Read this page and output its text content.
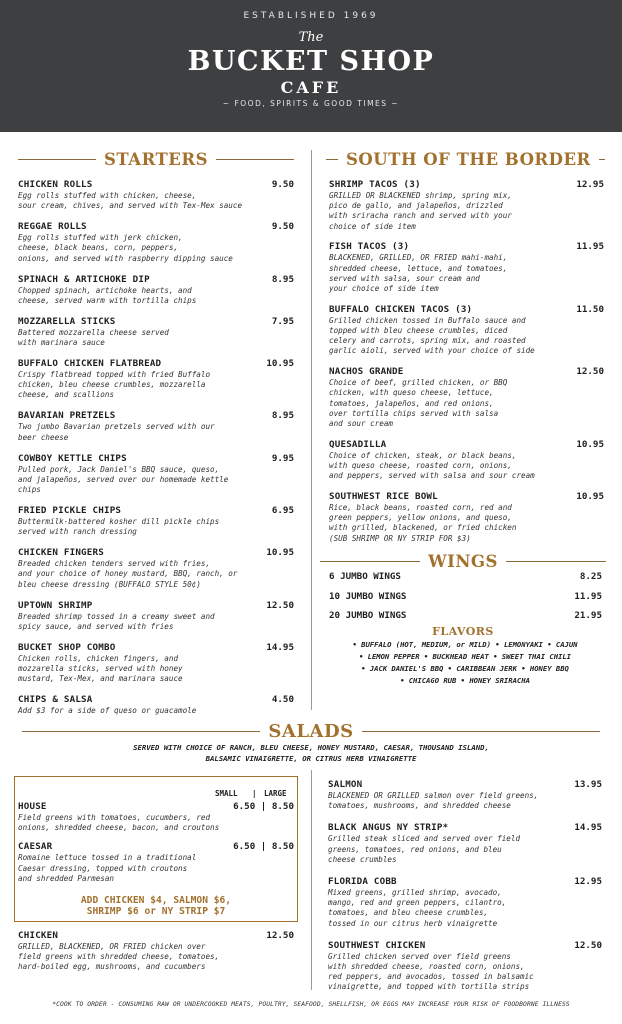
ESTABLISHED 1969
The
BUCKET SHOP
CAFE
~ FOOD, SPIRITS & GOOD TIMES ~
STARTERS	SOUTH OF THE BORDER
CHICKEN ROLLS	9.50
Egg rolls stuffed with chicken, cheese,
sour cream, chives, and served with Tex-Mex sauce
REGGAE ROLLS	9.50
Egg rolls stuffed with jerk chicken,
cheese, black beans, corn, peppers,
onions, and served with raspberry dipping sauce
SPINACH & ARTICHOKE DIP	8.95
Chopped spinach, artichoke hearts, and
cheese, served warm with tortilla chips
MOZZARELLA STICKS	7.95
Battered mozzarella cheese served
with marinara sauce
BUFFALO CHICKEN FLATBREAD	10.95
Crispy flatbread topped with fried Buffalo
chicken, bleu cheese crumbles, mozzarella
cheese, and scallions
BAVARIAN PRETZELS	8.95
Two jumbo Bavarian pretzels served with our
beer cheese
COWBOY KETTLE CHIPS	9.95
Pulled pork, Jack Daniel's BBQ sauce, queso,
and jalapeños, served over our homemade kettle
chips
FRIED PICKLE CHIPS	6.95
Buttermilk-battered kosher dill pickle chips
served with ranch dressing
CHICKEN FINGERS	10.95
Breaded chicken tenders served with fries,
and your choice of honey mustard, BBQ, ranch, or
bleu cheese dressing (BUFFALO STYLE 50¢)
UPTOWN SHRIMP	12.50
Breaded shrimp tossed in a creamy sweet and
spicy sauce, and served with fries
BUCKET SHOP COMBO	14.95
Chicken rolls, chicken fingers, and
mozzarella sticks, served with honey
mustard, Tex-Mex, and marinara sauce
CHIPS & SALSA	4.50
Add $3 for a side of queso or guacamole
SHRIMP TACOS (3)	12.95
GRILLED OR BLACKENED shrimp, spring mix,
pico de gallo, and jalapeños, drizzled
with sriracha ranch and served with your
choice of side item
FISH TACOS (3)	11.95
BLACKENED, GRILLED, OR FRIED mahi-mahi,
shredded cheese, lettuce, and tomatoes,
served with salsa, sour cream and
your choice of side item
BUFFALO CHICKEN TACOS (3)	11.50
Grilled chicken tossed in Buffalo sauce and
topped with bleu cheese crumbles, diced
celery and carrots, spring mix, and roasted
garlic aioli, served with your choice of side
NACHOS GRANDE	12.50
Choice of beef, grilled chicken, or BBQ
chicken, with queso cheese, lettuce,
tomatoes, jalapeños, and red onions,
over tortilla chips served with salsa
and sour cream
QUESADILLA	10.95
Choice of chicken, steak, or black beans,
with queso cheese, roasted corn, onions,
and peppers, served with salsa and sour cream
SOUTHWEST RICE BOWL	10.95
Rice, black beans, roasted corn, red and
green peppers, yellow onions, and queso,
with grilled, blackened, or fried chicken
(SUB SHRIMP OR NY STRIP FOR $3)
WINGS
6 JUMBO WINGS	8.25
10 JUMBO WINGS	11.95
20 JUMBO WINGS	21.95
FLAVORS
• BUFFALO (HOT, MEDIUM, or MILD) • LEMONYAKI • CAJUN
• LEMON PEPPER • BUCKHEAD HEAT • SWEET THAI CHILI
• JACK DANIEL'S BBQ • CARIBBEAN JERK • HONEY BBQ
• CHICAGO RUB • HONEY SRIRACHA
SALADS
SERVED WITH CHOICE OF RANCH, BLEU CHEESE, HONEY MUSTARD, CAESAR, THOUSAND ISLAND,
BALSAMIC VINAIGRETTE, OR CITRUS HERB VINAIGRETTE
SMALL	LARGE
|
HOUSE	6.50 | 8.50
Field greens with tomatoes, cucumbers, red
onions, shredded cheese, bacon, and croutons
CAESAR	6.50 | 8.50
Romaine lettuce tossed in a traditional
Caesar dressing, topped with croutons
and shredded Parmesan
ADD CHICKEN $4, SALMON $6,
SHRIMP $6 or NY STRIP $7
CHICKEN	12.50
GRILLED, BLACKENED, OR FRIED chicken over
field greens with shredded cheese, tomatoes,
hard-boiled egg, mushrooms, and cucumbers
SALMON	13.95
BLACKENED OR GRILLED salmon over field greens,
tomatoes, mushrooms, and shredded cheese
BLACK ANGUS NY STRIP*	14.95
Grilled steak sliced and served over field
greens, tomatoes, red onions, and bleu
cheese crumbles
FLORIDA COBB	12.95
Mixed greens, grilled shrimp, avocado,
mango, red and green peppers, cilantro,
tomatoes, and bleu cheese crumbles,
tossed in our citrus herb vinaigrette
SOUTHWEST CHICKEN	12.50
Grilled chicken served over field greens
with shredded cheese, roasted corn, onions,
red peppers, and avocados, tossed in balsamic
vinaigrette, and topped with tortilla strips
*COOK TO ORDER - CONSUMING RAW OR UNDERCOOKED MEATS, POULTRY, SEAFOOD, SHELLFISH, OR EGGS MAY INCREASE YOUR RISK OF FOODBORNE ILLNESS
